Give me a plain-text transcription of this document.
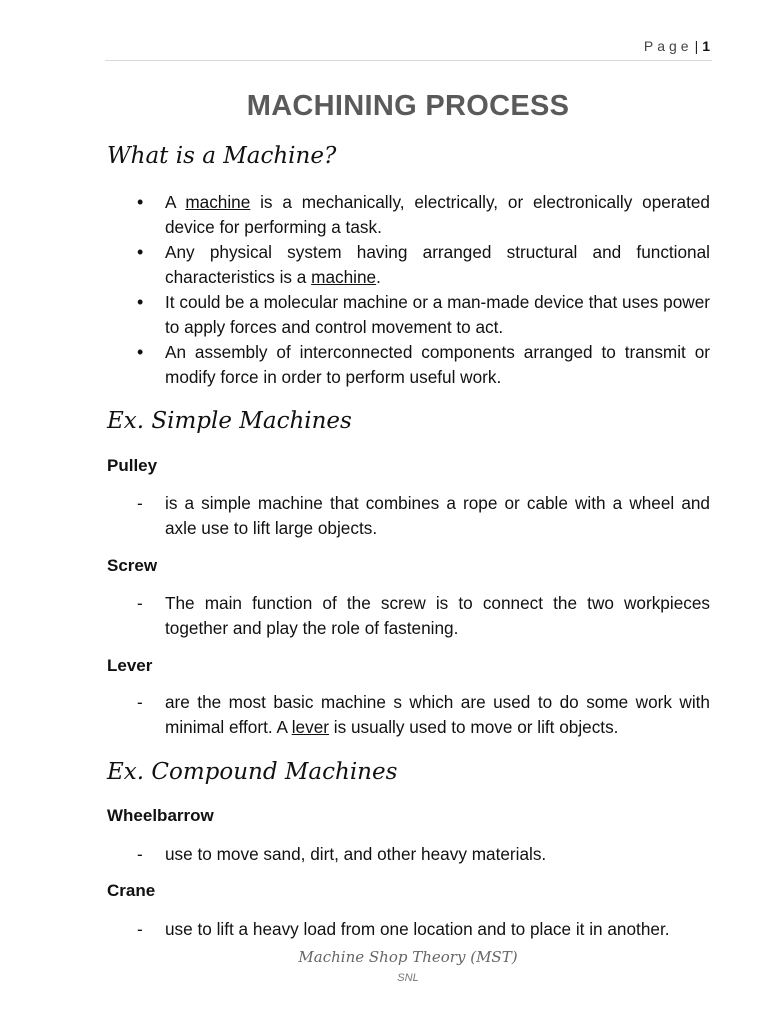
Page | 1
MACHINING PROCESS
What is a Machine?
• A machine is a mechanically, electrically, or electronically operated device for performing a task.
• Any physical system having arranged structural and functional characteristics is a machine.
• It could be a molecular machine or a man-made device that uses power to apply forces and control movement to act.
• An assembly of interconnected components arranged to transmit or modify force in order to perform useful work.
Ex. Simple Machines
Pulley
-	is a simple machine that combines a rope or cable with a wheel and axle use to lift large objects.
Screw
-	The main function of the screw is to connect the two workpieces together and play the role of fastening.
Lever
-	are the most basic machine s which are used to do some work with minimal effort. A lever is usually used to move or lift objects.
Ex. Compound Machines
Wheelbarrow
-	use to move sand, dirt, and other heavy materials.
Crane
-	use to lift a heavy load from one location and to place it in another.
Machine Shop Theory (MST)
SNL
